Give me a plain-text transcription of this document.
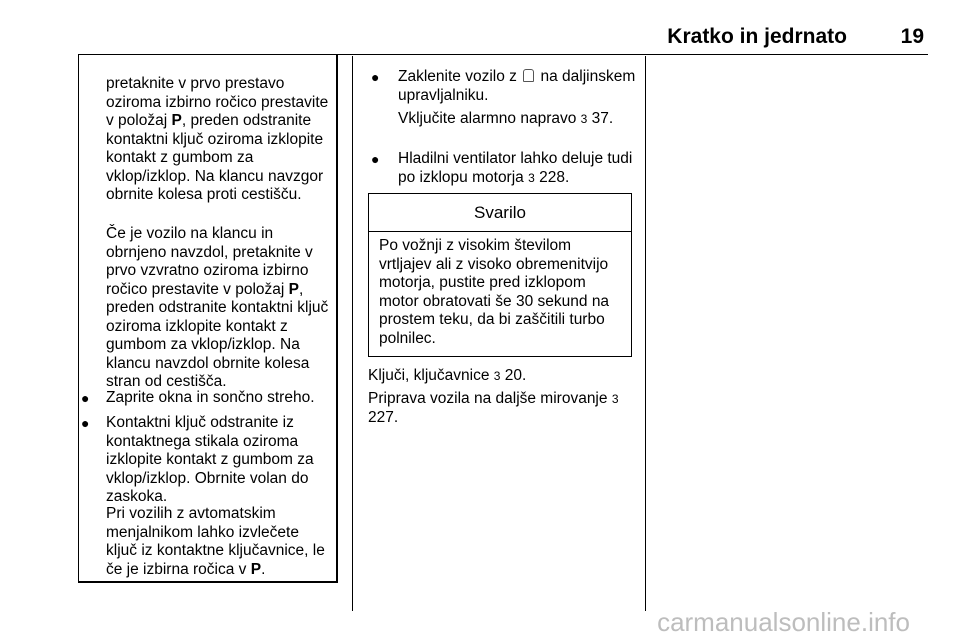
Kratko in jedrnato	19

pretaknite v prvo prestavo oziroma izbirno ročico prestavite v položaj P, preden odstranite kontaktni ključ oziroma izklopite kontakt z gumbom za vklop/izklop. Na klancu navzgor obrnite kolesa proti cestišču.

Če je vozilo na klancu in obrnjeno navzdol, pretaknite v prvo vzvratno oziroma izbirno ročico prestavite v položaj P, preden odstranite kontaktni ključ oziroma izklopite kontakt z gumbom za vklop/izklop. Na klancu navzdol obrnite kolesa stran od cestišča.

● Zaprite okna in sončno streho.

● Kontaktni ključ odstranite iz kontaktnega stikala oziroma izklopite kontakt z gumbom za vklop/izklop. Obrnite volan do zaskoka.

Pri vozilih z avtomatskim menjalnikom lahko izvlečete ključ iz kontaktne ključavnice, le če je izbirna ročica v P.

● Zaklenite vozilo z  na daljinskem upravljalniku.

Vključite alarmno napravo 3 37.

● Hladilni ventilator lahko deluje tudi po izklopu motorja 3 228.

Svarilo

Po vožnji z visokim številom vrtljajev ali z visoko obremenitvijo motorja, pustite pred izklopom motor obratovati še 30 sekund na prostem teku, da bi zaščitili turbo polnilec.

Ključi, ključavnice 3 20.

Priprava vozila na daljše mirovanje 3 227.

carmanualsonline.info
